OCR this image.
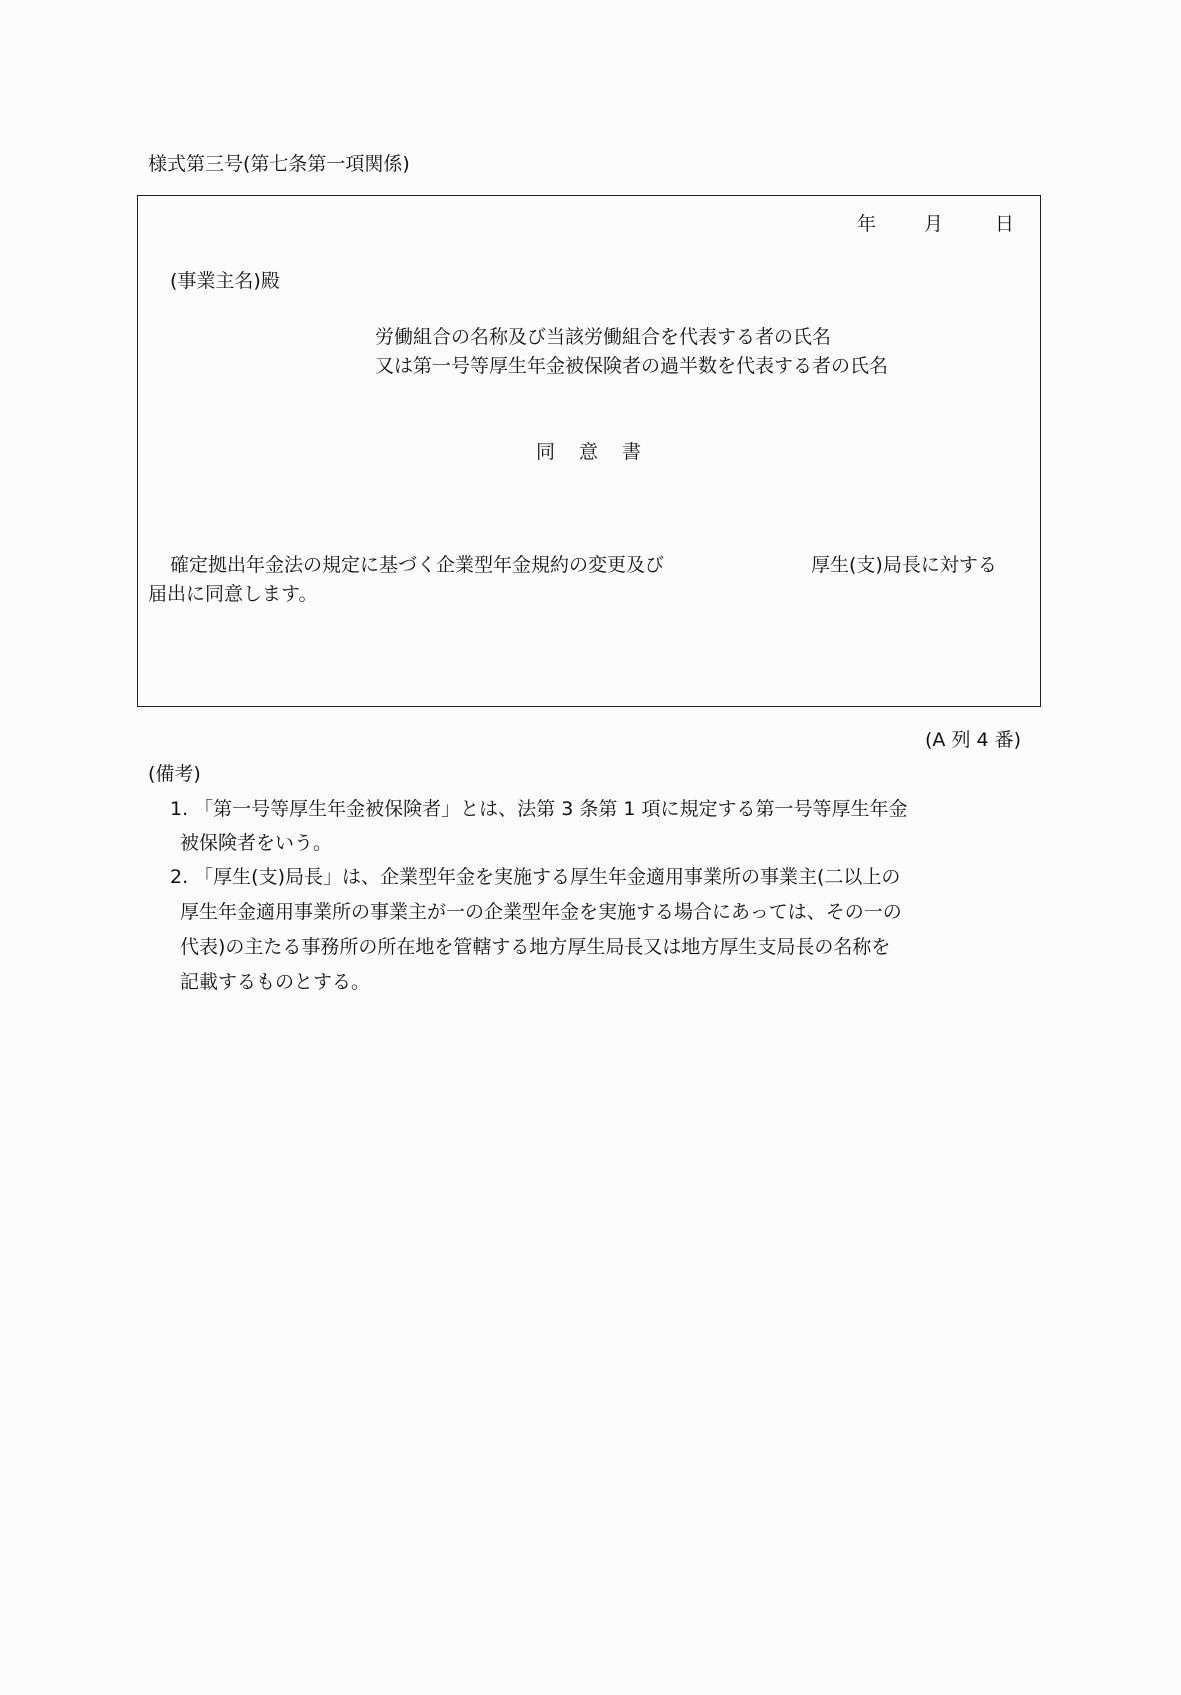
様式第三号(第七条第一項関係)
年	月	日
(事業主名)殿
労働組合の名称及び当該労働組合を代表する者の氏名
又は第一号等厚生年金被保険者の過半数を代表する者の氏名
同 意 書
確定拠出年金法の規定に基づく企業型年金規約の変更及び	厚生(支)局長に対する
届出に同意します。
(A 列 4 番)
(備考)
1. 「第一号等厚生年金被保険者」とは、法第 3 条第 1 項に規定する第一号等厚生年金
被保険者をいう。
2. 「厚生(支)局長」は、企業型年金を実施する厚生年金適用事業所の事業主(二以上の
厚生年金適用事業所の事業主が一の企業型年金を実施する場合にあっては、その一の
代表)の主たる事務所の所在地を管轄する地方厚生局長又は地方厚生支局長の名称を
記載するものとする。
